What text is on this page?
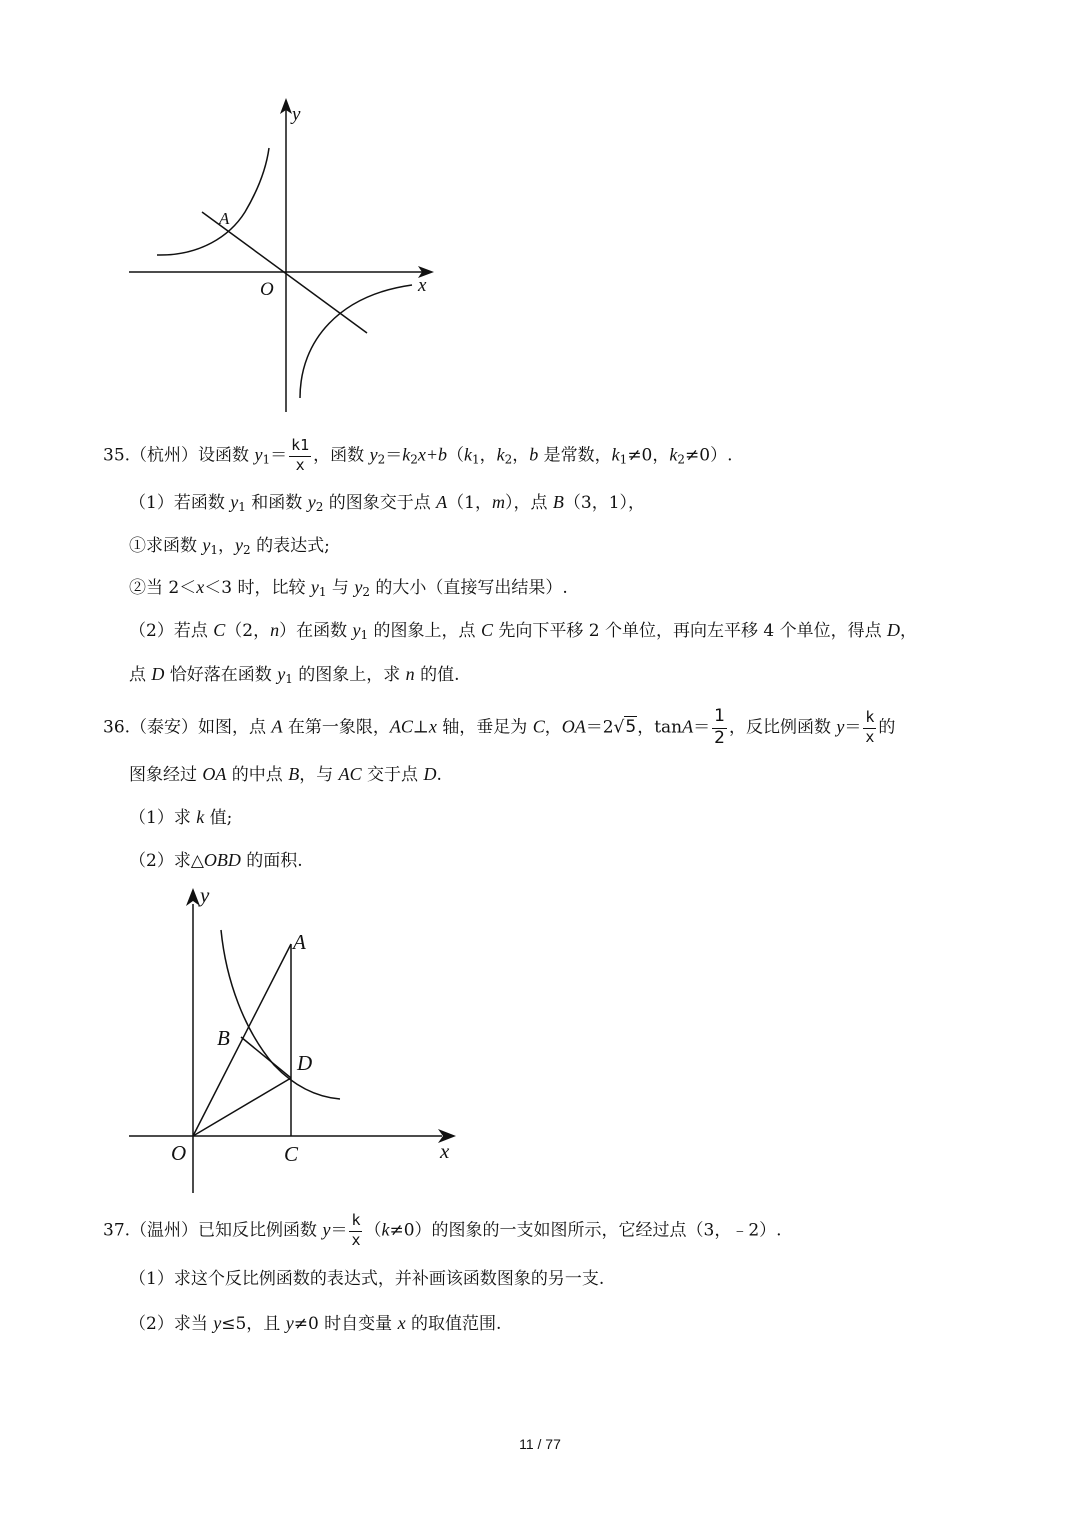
y
x
O
A
35.（杭州）设函数 $y1= \frac{k1}{x}$ ，函数 y2＝k2x+b（k1，k2，b 是常数，k1≠0，k2≠0）.
（1）若函数 y1 和函数 y2 的图象交于点 A（1，m），点 B（3，1），
①求函数 y1，y2 的表达式;
②当 2＜x＜3 时，比较 y1 与 y2 的大小（直接写出结果）.
（2）若点 C（2，n）在函数 y1 的图象上，点 C 先向下平移 2 个单位，再向左平移 4 个单位，得点 D，
点 D 恰好落在函数 y1 的图象上，求 n 的值.
36.（泰安）如图，点 A 在第一象限，AC⊥x 轴，垂足为 C，OA＝2√5，$\tan A= \frac{1}{2}$ ，反比例函数 $y= \frac{k}{x}$ 的
图象经过 OA 的中点 B，与 AC 交于点 D.
（1）求 k 值;
（2）求△OBD 的面积.
y
x
O
A
B
C
D
37.（温州）已知反比例函数 $y= \frac{k}{x} (k\ne 0)$的图象的一支如图所示，它经过点（3，﹣2）.
（1）求这个反比例函数的表达式，并补画该函数图象的另一支.
（2）求当 y≤5，且 y≠0 时自变量 x 的取值范围.
11 / 77
